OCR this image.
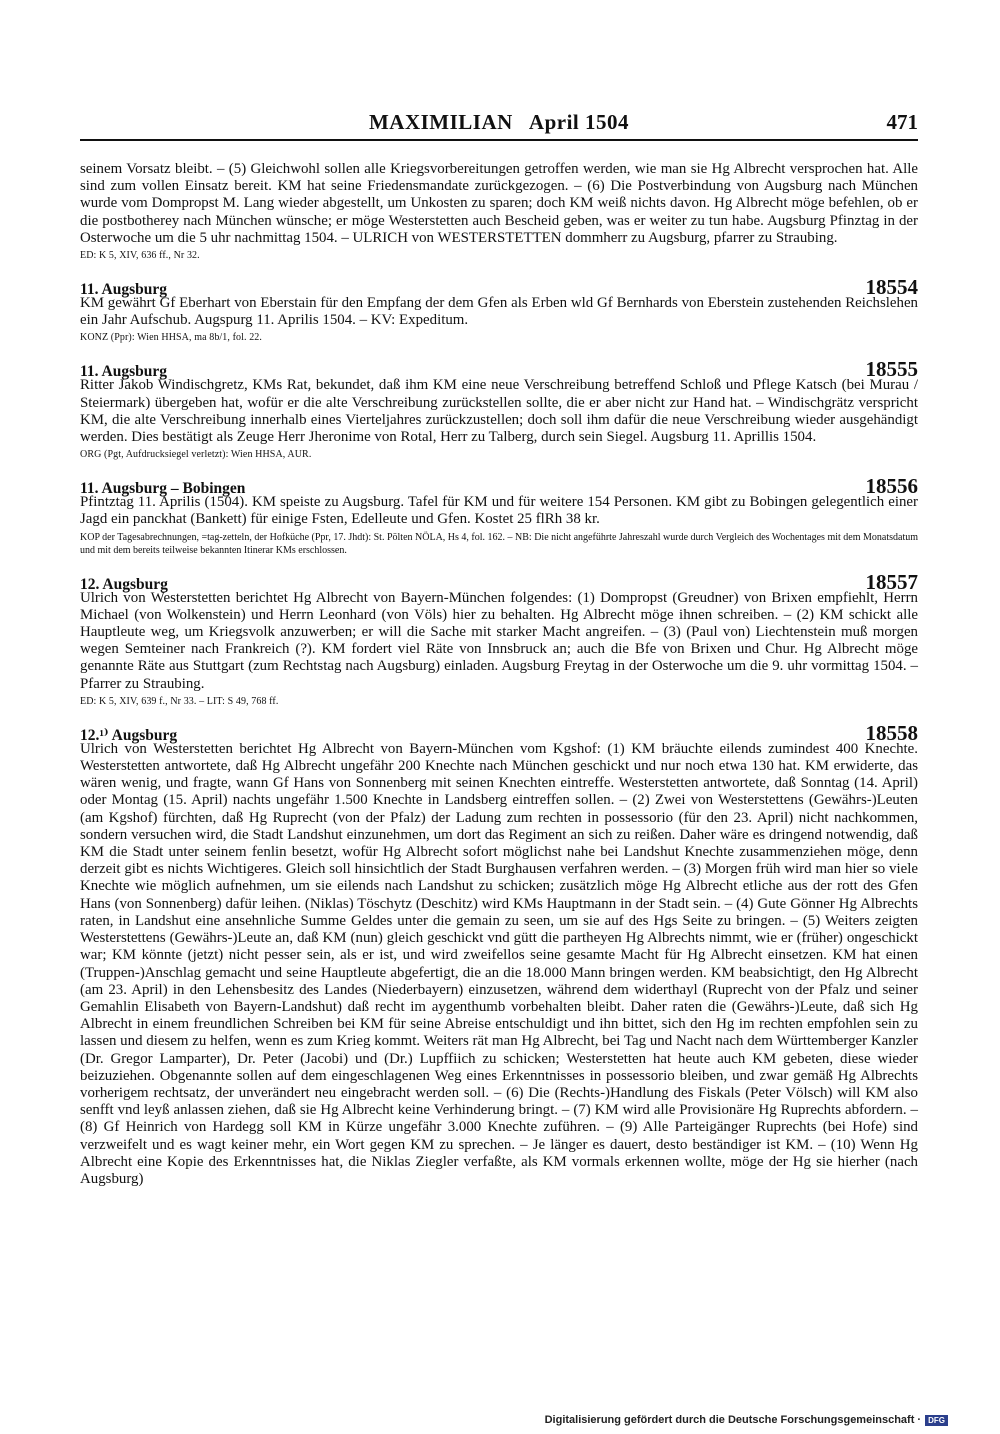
MAXIMILIAN   April 1504	471

seinem Vorsatz bleibt. – (5) Gleichwohl sollen alle Kriegsvorbereitungen getroffen werden, wie man sie Hg Albrecht versprochen hat. Alle sind zum vollen Einsatz bereit. KM hat seine Friedensmandate zurückgezogen. – (6) Die Postverbindung von Augsburg nach München wurde vom Dompropst M. Lang wieder abgestellt, um Unkosten zu sparen; doch KM weiß nichts davon. Hg Albrecht möge befehlen, ob er die postbotherey nach München wünsche; er möge Westerstetten auch Bescheid geben, was er weiter zu tun habe. Augsburg Pfinztag in der Osterwoche um die 5 uhr nachmittag 1504. – ULRICH von WESTERSTETTEN dommherr zu Augsburg, pfarrer zu Straubing.

ED: K 5, XIV, 636 ff., Nr 32.
11. Augsburg	18554

KM gewährt Gf Eberhart von Eberstain für den Empfang der dem Gfen als Erben wld Gf Bernhards von Eberstein zustehenden Reichslehen ein Jahr Aufschub. Augspurg 11. Aprilis 1504. – KV: Expeditum.

KONZ (Ppr): Wien HHSA, ma 8b/1, fol. 22.
11. Augsburg	18555

Ritter Jakob Windischgretz, KMs Rat, bekundet, daß ihm KM eine neue Verschreibung betreffend Schloß und Pflege Katsch (bei Murau / Steiermark) übergeben hat, wofür er die alte Verschreibung zurückstellen sollte, die er aber nicht zur Hand hat. – Windischgrätz verspricht KM, die alte Verschreibung innerhalb eines Vierteljahres zurückzustellen; doch soll ihm dafür die neue Verschreibung wieder ausgehändigt werden. Dies bestätigt als Zeuge Herr Jheronime von Rotal, Herr zu Talberg, durch sein Siegel. Augsburg 11. Aprillis 1504.

ORG (Pgt, Aufdrucksiegel verletzt): Wien HHSA, AUR.
11. Augsburg – Bobingen	18556

Pfintztag 11. Aprilis (1504). KM speiste zu Augsburg. Tafel für KM und für weitere 154 Personen. KM gibt zu Bobingen gelegentlich einer Jagd ein panckhat (Bankett) für einige Fsten, Edelleute und Gfen. Kostet 25 flRh 38 kr.

KOP der Tagesabrechnungen, =tag-zetteln, der Hofküche (Ppr, 17. Jhdt): St. Pölten NÖLA, Hs 4, fol. 162. – NB: Die nicht angeführte Jahreszahl wurde durch Vergleich des Wochentages mit dem Monatsdatum und mit dem bereits teilweise bekannten Itinerar KMs erschlossen.
12. Augsburg	18557

Ulrich von Westerstetten berichtet Hg Albrecht von Bayern-München folgendes: (1) Dompropst (Greudner) von Brixen empfiehlt, Herrn Michael (von Wolkenstein) und Herrn Leonhard (von Völs) hier zu behalten. Hg Albrecht möge ihnen schreiben. – (2) KM schickt alle Hauptleute weg, um Kriegsvolk anzuwerben; er will die Sache mit starker Macht angreifen. – (3) (Paul von) Liechtenstein muß morgen wegen Semteiner nach Frankreich (?). KM fordert viel Räte von Innsbruck an; auch die Bfe von Brixen und Chur. Hg Albrecht möge genannte Räte aus Stuttgart (zum Rechtstag nach Augsburg) einladen. Augsburg Freytag in der Osterwoche um die 9. uhr vormittag 1504. – Pfarrer zu Straubing.

ED: K 5, XIV, 639 f., Nr 33. – LIT: S 49, 768 ff.
12.¹⁾ Augsburg	18558

Ulrich von Westerstetten berichtet Hg Albrecht von Bayern-München vom Kgshof: (1) KM bräuchte eilends zumindest 400 Knechte. Westerstetten antwortete, daß Hg Albrecht ungefähr 200 Knechte nach München geschickt und nur noch etwa 130 hat. KM erwiderte, das wären wenig, und fragte, wann Gf Hans von Sonnenberg mit seinen Knechten eintreffe. Westerstetten antwortete, daß Sonntag (14. April) oder Montag (15. April) nachts ungefähr 1.500 Knechte in Landsberg eintreffen sollen. – (2) Zwei von Westerstettens (Gewährs-)Leuten (am Kgshof) fürchten, daß Hg Ruprecht (von der Pfalz) der Ladung zum rechten in possessorio (für den 23. April) nicht nachkommen, sondern versuchen wird, die Stadt Landshut einzunehmen, um dort das Regiment an sich zu reißen. Daher wäre es dringend notwendig, daß KM die Stadt unter seinem fenlin besetzt, wofür Hg Albrecht sofort möglichst nahe bei Landshut Knechte zusammenziehen möge, denn derzeit gibt es nichts Wichtigeres. Gleich soll hinsichtlich der Stadt Burghausen verfahren werden. – (3) Morgen früh wird man hier so viele Knechte wie möglich aufnehmen, um sie eilends nach Landshut zu schicken; zusätzlich möge Hg Albrecht etliche aus der rott des Gfen Hans (von Sonnenberg) dafür leihen. (Niklas) Töschytz (Deschitz) wird KMs Hauptmann in der Stadt sein. – (4) Gute Gönner Hg Albrechts raten, in Landshut eine ansehnliche Summe Geldes unter die gemain zu seen, um sie auf des Hgs Seite zu bringen. – (5) Weiters zeigten Westerstettens (Gewährs-)Leute an, daß KM (nun) gleich geschickt vnd gütt die partheyen Hg Albrechts nimmt, wie er (früher) ongeschickt war; KM könnte (jetzt) nicht pesser sein, als er ist, und wird zweifellos seine gesamte Macht für Hg Albrecht einsetzen. KM hat einen (Truppen-)Anschlag gemacht und seine Hauptleute abgefertigt, die an die 18.000 Mann bringen werden. KM beabsichtigt, den Hg Albrecht (am 23. April) in den Lehensbesitz des Landes (Niederbayern) einzusetzen, während dem widerthayl (Ruprecht von der Pfalz und seiner Gemahlin Elisabeth von Bayern-Landshut) daß recht im aygenthumb vorbehalten bleibt. Daher raten die (Gewährs-)Leute, daß sich Hg Albrecht in einem freundlichen Schreiben bei KM für seine Abreise entschuldigt und ihn bittet, sich den Hg im rechten empfohlen sein zu lassen und diesem zu helfen, wenn es zum Krieg kommt. Weiters rät man Hg Albrecht, bei Tag und Nacht nach dem Württemberger Kanzler (Dr. Gregor Lamparter), Dr. Peter (Jacobi) und (Dr.) Lupffiich zu schicken; Westerstetten hat heute auch KM gebeten, diese wieder beizuziehen. Obgenannte sollen auf dem eingeschlagenen Weg eines Erkenntnisses in possessorio bleiben, und zwar gemäß Hg Albrechts vorherigem rechtsatz, der unverändert neu eingebracht werden soll. – (6) Die (Rechts-)Handlung des Fiskals (Peter Völsch) will KM also senfft vnd leyß anlassen ziehen, daß sie Hg Albrecht keine Verhinderung bringt. – (7) KM wird alle Provisionäre Hg Ruprechts abfordern. – (8) Gf Heinrich von Hardegg soll KM in Kürze ungefähr 3.000 Knechte zuführen. – (9) Alle Parteigänger Ruprechts (bei Hofe) sind verzweifelt und es wagt keiner mehr, ein Wort gegen KM zu sprechen. – Je länger es dauert, desto beständiger ist KM. – (10) Wenn Hg Albrecht eine Kopie des Erkenntnisses hat, die Niklas Ziegler verfaßte, als KM vormals erkennen wollte, möge der Hg sie hierher (nach Augsburg)

Digitalisierung gefördert durch die Deutsche Forschungsgemeinschaft · DFG
